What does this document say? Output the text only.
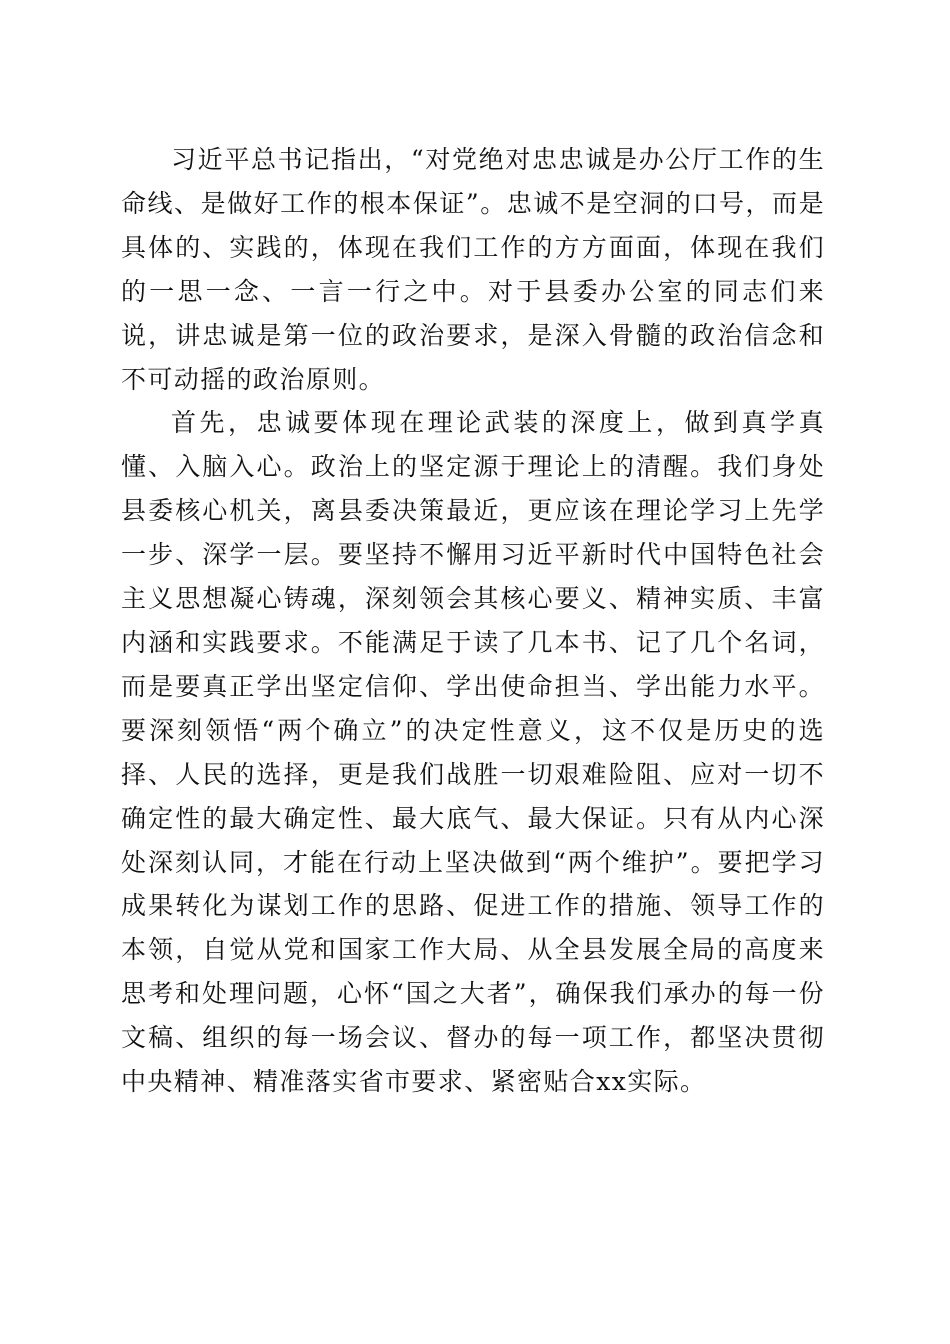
习近平总书记指出，“对党绝对忠忠诚是办公厅工作的生命线、是做好工作的根本保证”。忠诚不是空洞的口号，而是具体的、实践的，体现在我们工作的方方面面，体现在我们的一思一念、一言一行之中。对于县委办公室的同志们来说，讲忠诚是第一位的政治要求，是深入骨髓的政治信念和不可动摇的政治原则。

首先，忠诚要体现在理论武装的深度上，做到真学真懂、入脑入心。政治上的坚定源于理论上的清醒。我们身处县委核心机关，离县委决策最近，更应该在理论学习上先学一步、深学一层。要坚持不懈用习近平新时代中国特色社会主义思想凝心铸魂，深刻领会其核心要义、精神实质、丰富内涵和实践要求。不能满足于读了几本书、记了几个名词，而是要真正学出坚定信仰、学出使命担当、学出能力水平。要深刻领悟“两个确立”的决定性意义，这不仅是历史的选择、人民的选择，更是我们战胜一切艰难险阻、应对一切不确定性的最大确定性、最大底气、最大保证。只有从内心深处深刻认同，才能在行动上坚决做到“两个维护”。要把学习成果转化为谋划工作的思路、促进工作的措施、领导工作的本领，自觉从党和国家工作大局、从全县发展全局的高度来思考和处理问题，心怀“国之大者”，确保我们承办的每一份文稿、组织的每一场会议、督办的每一项工作，都坚决贯彻中央精神、精准落实省市要求、紧密贴合xx实际。
